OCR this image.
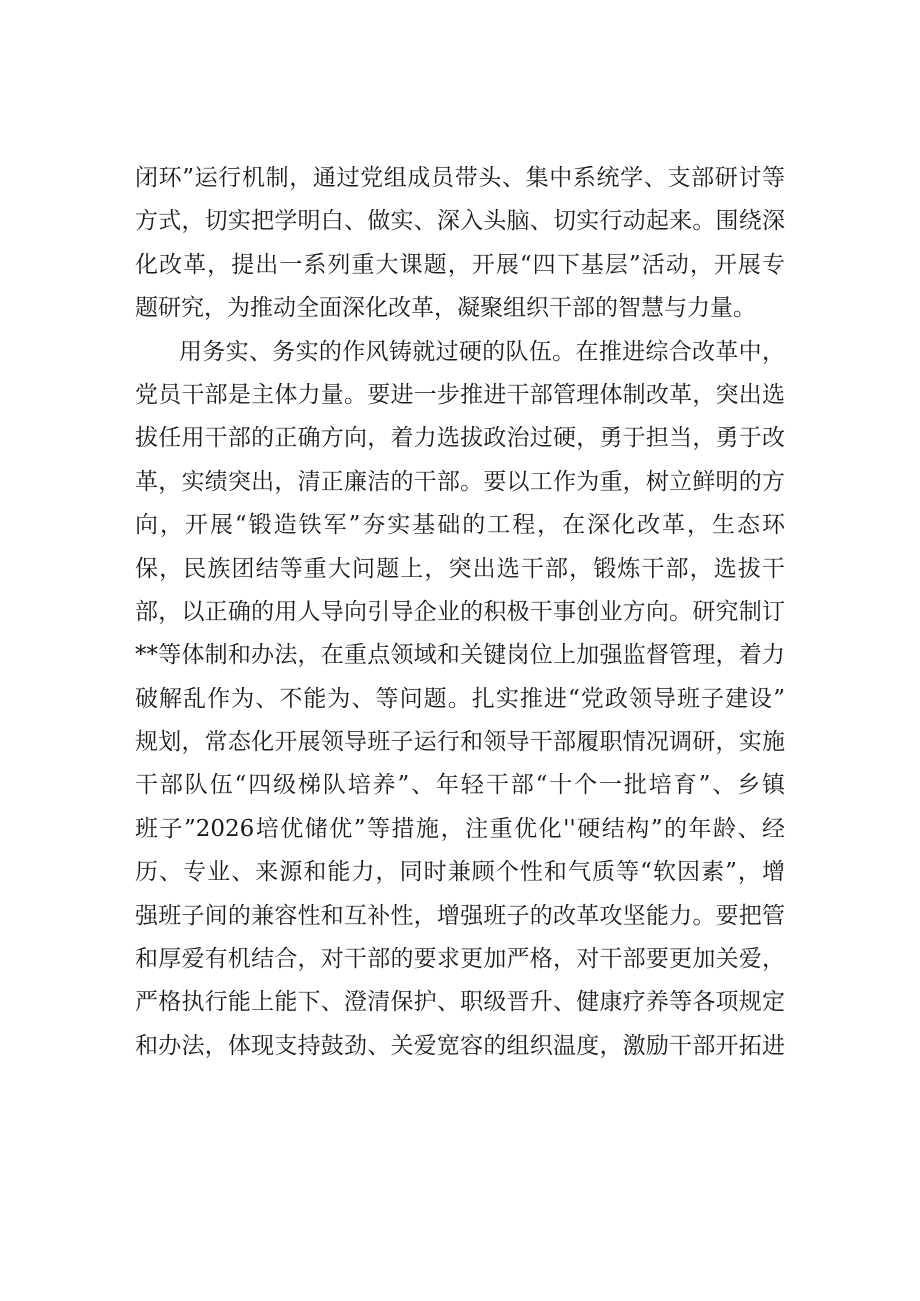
闭环”运行机制，通过党组成员带头、集中系统学、支部研讨等
方式，切实把学明白、做实、深入头脑、切实行动起来。围绕深
化改革，提出一系列重大课题，开展“四下基层”活动，开展专
题研究，为推动全面深化改革，凝聚组织干部的智慧与力量。
用务实、务实的作风铸就过硬的队伍。在推进综合改革中，
党员干部是主体力量。要进一步推进干部管理体制改革，突出选
拔任用干部的正确方向，着力选拔政治过硬，勇于担当，勇于改
革，实绩突出，清正廉洁的干部。要以工作为重，树立鲜明的方
向，开展“锻造铁军”夯实基础的工程，在深化改革，生态环
保，民族团结等重大问题上，突出选干部，锻炼干部，选拔干
部，以正确的用人导向引导企业的积极干事创业方向。研究制订
**等体制和办法，在重点领域和关键岗位上加强监督管理，着力
破解乱作为、不能为、等问题。扎实推进“党政领导班子建设”
规划，常态化开展领导班子运行和领导干部履职情况调研，实施
干部队伍“四级梯队培养”、年轻干部“十个一批培育”、乡镇
班子”2026培优储优”等措施，注重优化''硬结构”的年龄、经
历、专业、来源和能力，同时兼顾个性和气质等“软因素”，增
强班子间的兼容性和互补性，增强班子的改革攻坚能力。要把管
和厚爱有机结合，对干部的要求更加严格，对干部要更加关爱，
严格执行能上能下、澄清保护、职级晋升、健康疗养等各项规定
和办法，体现支持鼓劲、关爱宽容的组织温度，激励干部开拓进
